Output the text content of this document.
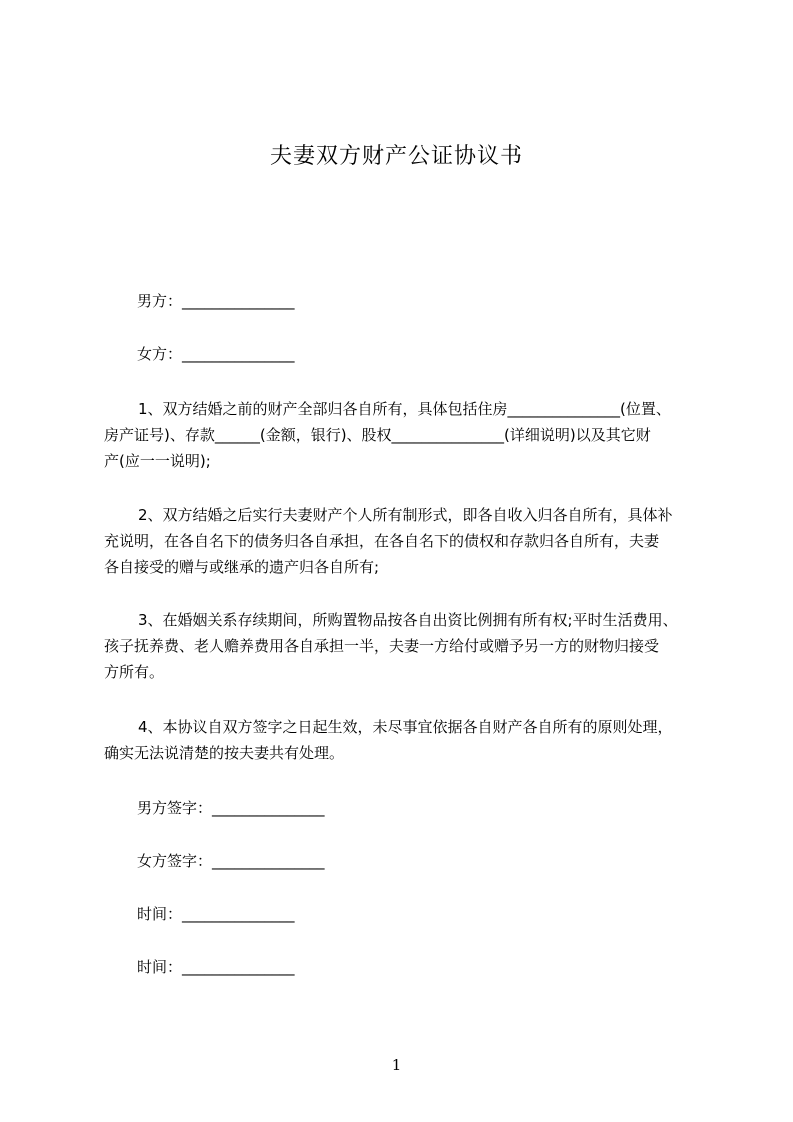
夫妻双方财产公证协议书
男方：_______________
女方：_______________
1、双方结婚之前的财产全部归各自所有，具体包括住房_______________(位置、
房产证号)、存款______(金额，银行)、股权_______________(详细说明)以及其它财
产(应一一说明);
2、双方结婚之后实行夫妻财产个人所有制形式，即各自收入归各自所有，具体补
充说明，在各自名下的债务归各自承担，在各自名下的债权和存款归各自所有，夫妻
各自接受的赠与或继承的遗产归各自所有;
3、在婚姻关系存续期间，所购置物品按各自出资比例拥有所有权;平时生活费用、
孩子抚养费、老人赡养费用各自承担一半，夫妻一方给付或赠予另一方的财物归接受
方所有。
4、本协议自双方签字之日起生效，未尽事宜依据各自财产各自所有的原则处理，
确实无法说清楚的按夫妻共有处理。
男方签字：_______________
女方签字：_______________
时间：_______________
时间：_______________
1
